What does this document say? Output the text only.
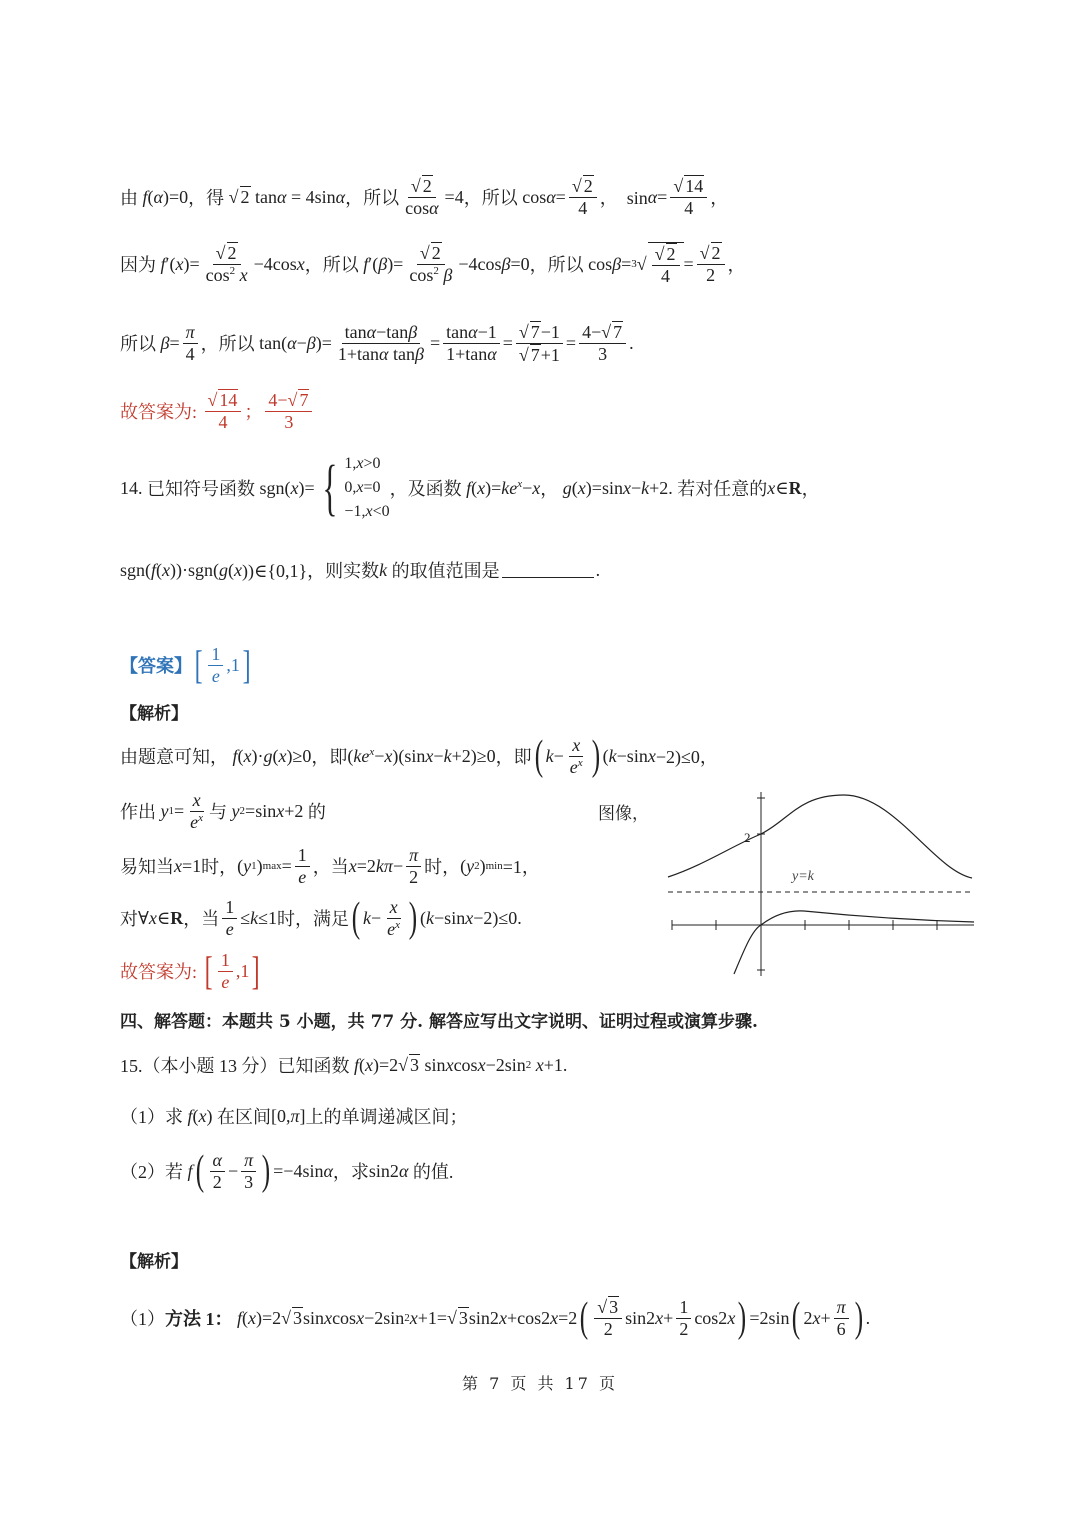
由
f ( α )=0 ，得 √ 2 tan α = 4sin α ，所以 $\frac{√ 2}{\cos\alpha} =4$ ，所以 $\cos \alpha = \frac{√ 2}{4}$ ，  $\sin \alpha = \frac{√ 14}{4}$ ，
因为
f ′( x )= $\frac{√ 2}{\cos^2 x} -4\cos$ x ，所以
f ′( β )= $\frac{√ 2}{\cos^2 \beta} -4\cos$ β =0 ，所以 cos β = 3 √ $\frac{√ 2}{4} = \frac{√ 2}{2}$ ，
所以
$\beta = \frac{\pi}{4}$ ，所以 tan( α − β )= $\frac{\tan\alpha-\tan\beta}{\text{1+tanα tanβ}} = \frac{\tan\alpha-1}{1+\tan\alpha} = \frac{√ 7-1}{√ 7+1} = \frac{4-√ 7}{3}$ .
故答案为:
$\frac{√ 14}{4}$ ； $\frac{4-√ 7}{3}$
14.
已知符号函数 sgn( x )= { 1,x>0
0,x=0
−1,x<0
，及函数
f ( x )= $ke^x - x$ ， g ( x )=sin x − k +2. 若对任意的 x ∈ R ，
sgn( f ( x ))·sgn( g ( x ))∈{0,1}， 则实数 k
的取值范围是	.
【答案】 [ $\frac{1}{e} ,1$ ]
【解析】
由题意可知，
f ( x )· g ( x )≥0 ，即 ( $ke^x - x$ )(sin x − k +2)≥0 ，即 ( $k - \frac{x}{e^x}$ ) ( k −sin x −2)≤0，
作出
y $1 = \frac{x}{e^x}$ 与
y 2 =sin x +2 的	图像，
易知当 x =1 时， ( y 1 ) $\max = \frac{1}{e}$ ，当 x =2 $k\pi - \frac{\pi}{2}$ 时， ( y 2 ) min =1，
对 ∀ x ∈ R ，当 $\frac{1}{e} \le k \le 1$ 时，满足 ( $k - \frac{x}{e^x}$ ) ( k −sin x −2)≤0.
故答案为:
[ $\frac{1}{e} ,1$ ]
2
y=k
四、解答题：本题共 5 小题，共 77 分. 解答应写出文字说明、证明过程或演算步骤.
15.（本小题 13 分）已知函数
f ( x )=2√ 3 sin x cos x −2sin 2
x +1.
（1）求
f ( x ) 在区间 [0, π ] 上的单调递减区间；
（2）若
f ( $\frac{\alpha}{2} - \frac{\pi}{3}$ ) =−4sin α ，求 sin2 α
的值.
【解析】
（1） 方法 1：
f ( x )=2√ 3 sin x cos x −2sin 2 x +1=√ 3 sin2 x +cos2 x =2 ( $\frac{√ 3}{2} \sin 2$ $x + \frac{1}{2} \cos 2$ x ) =2sin ( 2 $x + \frac{\pi}{6}$ ) .
第 7 页 共 17 页
